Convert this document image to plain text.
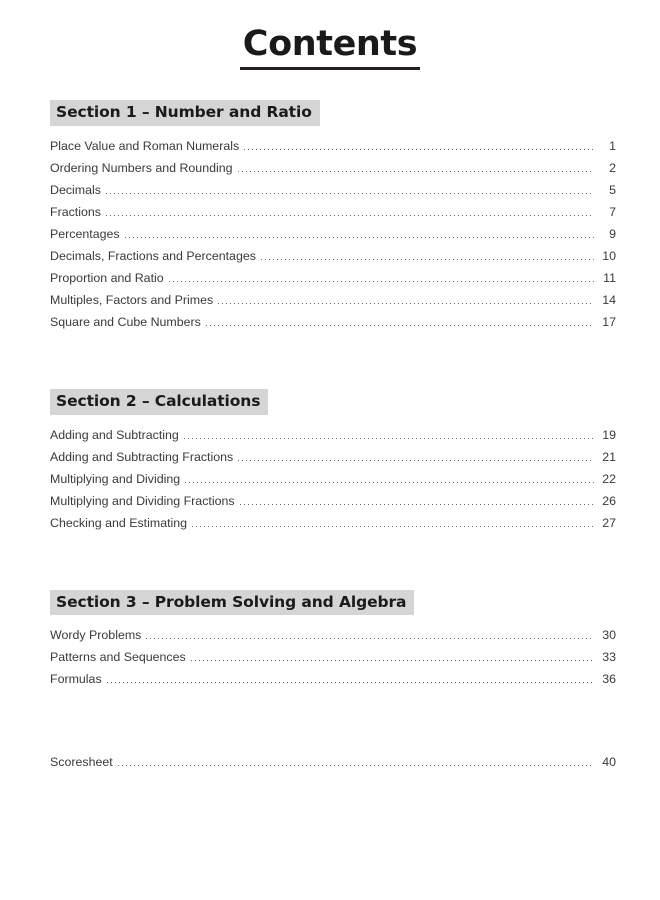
Contents
Section 1 – Number and Ratio
Place Value and Roman Numerals	1
Ordering Numbers and Rounding	2
Decimals	5
Fractions	7
Percentages	9
Decimals, Fractions and Percentages	10
Proportion and Ratio	11
Multiples, Factors and Primes	14
Square and Cube Numbers	17
Section 2 – Calculations
Adding and Subtracting	19
Adding and Subtracting Fractions	21
Multiplying and Dividing	22
Multiplying and Dividing Fractions	26
Checking and Estimating	27
Section 3 – Problem Solving and Algebra
Wordy Problems	30
Patterns and Sequences	33
Formulas	36
Scoresheet	40
